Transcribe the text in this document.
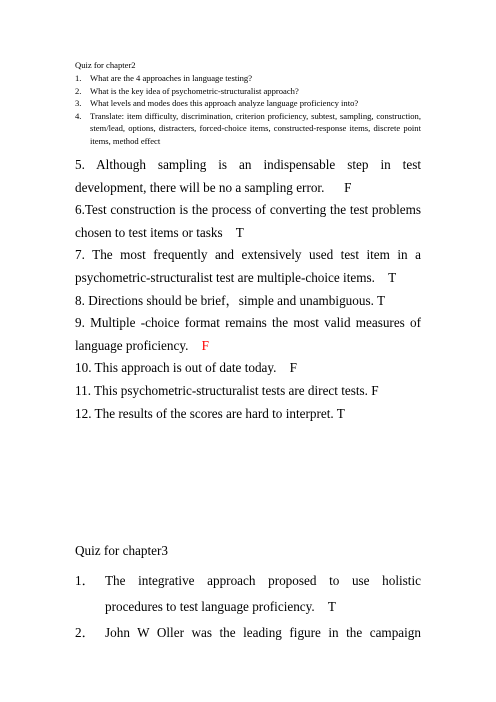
Quiz for chapter2
1. What are the 4 approaches in language testing?
2. What is the key idea of psychometric-structuralist approach?
3. What levels and modes does this approach analyze language proficiency into?
4. Translate: item difficulty, discrimination, criterion proficiency, subtest, sampling, construction, stem/lead, options, distracters, forced-choice items, constructed-response items, discrete point items, method effect
5. Although sampling is an indispensable step in test development, there will be no a sampling error. F
6.Test construction is the process of converting the test problems chosen to test items or tasks T
7. The most frequently and extensively used test item in a psychometric-structuralist test are multiple-choice items. T
8. Directions should be brief，simple and unambiguous. T
9. Multiple -choice format remains the most valid measures of language proficiency. F
10. This approach is out of date today. F
11. This psychometric-structuralist tests are direct tests. F
12. The results of the scores are hard to interpret. T
Quiz for chapter3
1． The integrative approach proposed to use holistic
procedures to test language proficiency. T
2． John W Oller was the leading figure in the campaign
